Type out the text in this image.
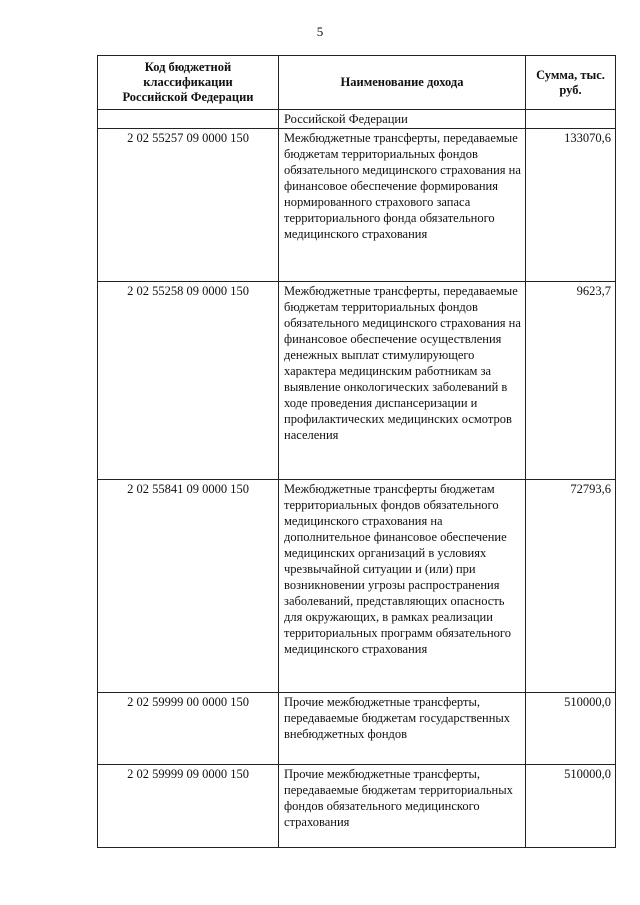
5
Код бюджетной классификации Российской Федерации	Наименование дохода	Сумма, тыс. руб.
	Российской Федерации	
2 02 55257 09 0000 150	Межбюджетные трансферты, передаваемые бюджетам территориальных фондов обязательного медицинского страхования на финансовое обеспечение формирования нормированного страхового запаса территориального фонда обязательного медицинского страхования	133070,6
2 02 55258 09 0000 150	Межбюджетные трансферты, передаваемые бюджетам территориальных фондов обязательного медицинского страхования на финансовое обеспечение осуществления денежных выплат стимулирующего характера медицинским работникам за выявление онкологических заболеваний в ходе проведения диспансеризации и профилактических медицинских осмотров населения	9623,7
2 02 55841 09 0000 150	Межбюджетные трансферты бюджетам территориальных фондов обязательного медицинского страхования на дополнительное финансовое обеспечение медицинских организаций в условиях чрезвычайной ситуации и (или) при возникновении угрозы распространения заболеваний, представляющих опасность для окружающих, в рамках реализации территориальных программ обязательного медицинского страхования	72793,6
2 02 59999 00 0000 150	Прочие межбюджетные трансферты, передаваемые бюджетам государственных внебюджетных фондов	510000,0
2 02 59999 09 0000 150	Прочие межбюджетные трансферты, передаваемые бюджетам территориальных фондов обязательного медицинского страхования	510000,0
